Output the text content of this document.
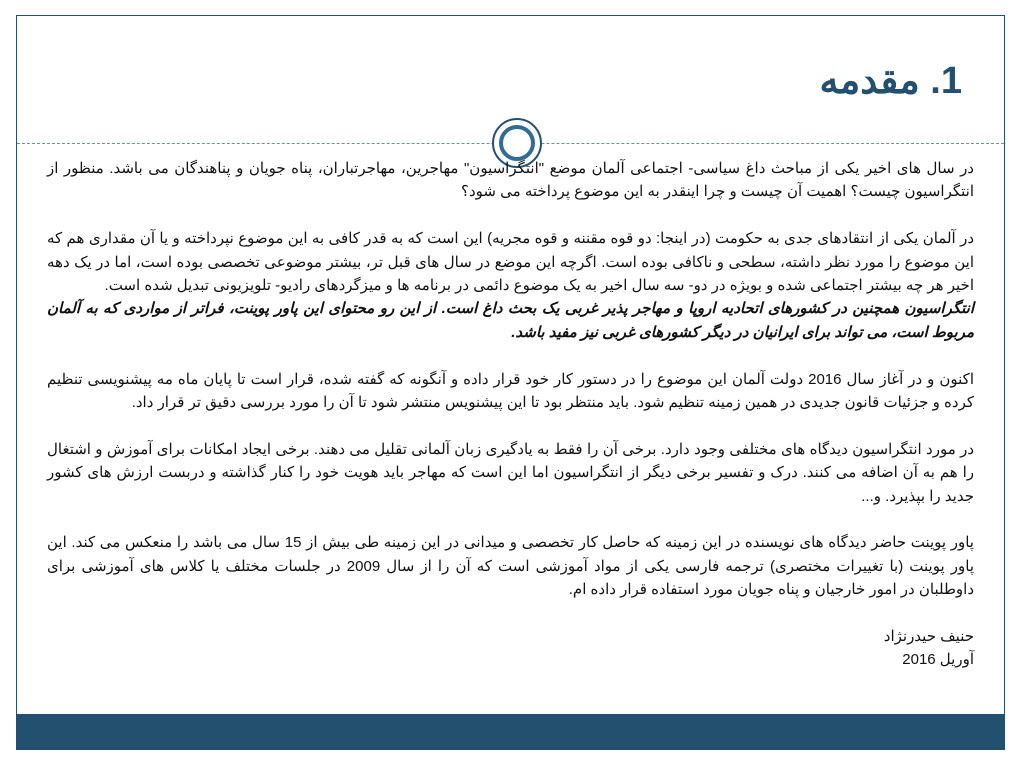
1. مقدمه

در سال های اخیر یکی از مباحث داغ سیاسی- اجتماعی آلمان موضع "انتگراسیون" مهاجرین، مهاجرتباران، پناه جویان و پناهندگان می باشد. منظور از انتگراسیون چیست؟ اهمیت آن چیست و چرا اینقدر به این موضوع پرداخته می شود؟

در آلمان یکی از انتقادهای جدی به حکومت (در اینجا: دو قوه مقننه و قوه مجریه) این است که به قدر کافی به این موضوع نپرداخته و یا آن مقداری هم که این موضوع را مورد نظر داشته، سطحی و ناکافی بوده است. اگرچه این موضع در سال های قبل تر، بیشتر موضوعی تخصصی بوده است، اما در یک دهه اخیر هر چه بیشتر اجتماعی شده و بویژه در دو- سه سال اخیر به یک موضوع دائمی در برنامه ها و میزگردهای رادیو- تلویزیونی تبدیل شده است.

انتگراسیون همچنین در کشورهای اتحادیه اروپا و مهاجر پذیر غربی یک بحث داغ است. از این رو محتوای این پاور پوینت، فراتر از مواردی که به آلمان مربوط است، می تواند برای ایرانیان در دیگر کشورهای غربی نیز مفید باشد.

اکنون و در آغاز سال 2016 دولت آلمان این موضوع را در دستور کار خود قرار داده و آنگونه که گفته شده، قرار است تا پایان ماه مه پیشنویسی تنظیم کرده و جزئیات قانون جدیدی در همین زمینه تنظیم شود. باید منتظر بود تا این پیشنویس منتشر شود تا آن را مورد بررسی دقیق تر قرار داد.

در مورد انتگراسیون دیدگاه های مختلفی وجود دارد. برخی آن را فقط به یادگیری زبان آلمانی تقلیل می دهند. برخی ایجاد امکانات برای آموزش و اشتغال را هم به آن اضافه می کنند. درک و تفسیر برخی دیگر از انتگراسیون اما این است که مهاجر باید هویت خود را کنار گذاشته و دربست ارزش های کشور جدید را بپذیرد. و...

پاور پوینت حاضر دیدگاه های نویسنده در این زمینه که حاصل کار تخصصی و میدانی در این زمینه طی بیش از 15 سال می باشد را منعکس می کند. این پاور پوینت (با تغییرات مختصری) ترجمه فارسی یکی از مواد آموزشی است که آن را از سال 2009 در جلسات مختلف یا کلاس های آموزشی برای داوطلبان در امور خارجیان و پناه جویان مورد استفاده قرار داده ام.

حنیف حیدرنژاد

آوریل 2016
